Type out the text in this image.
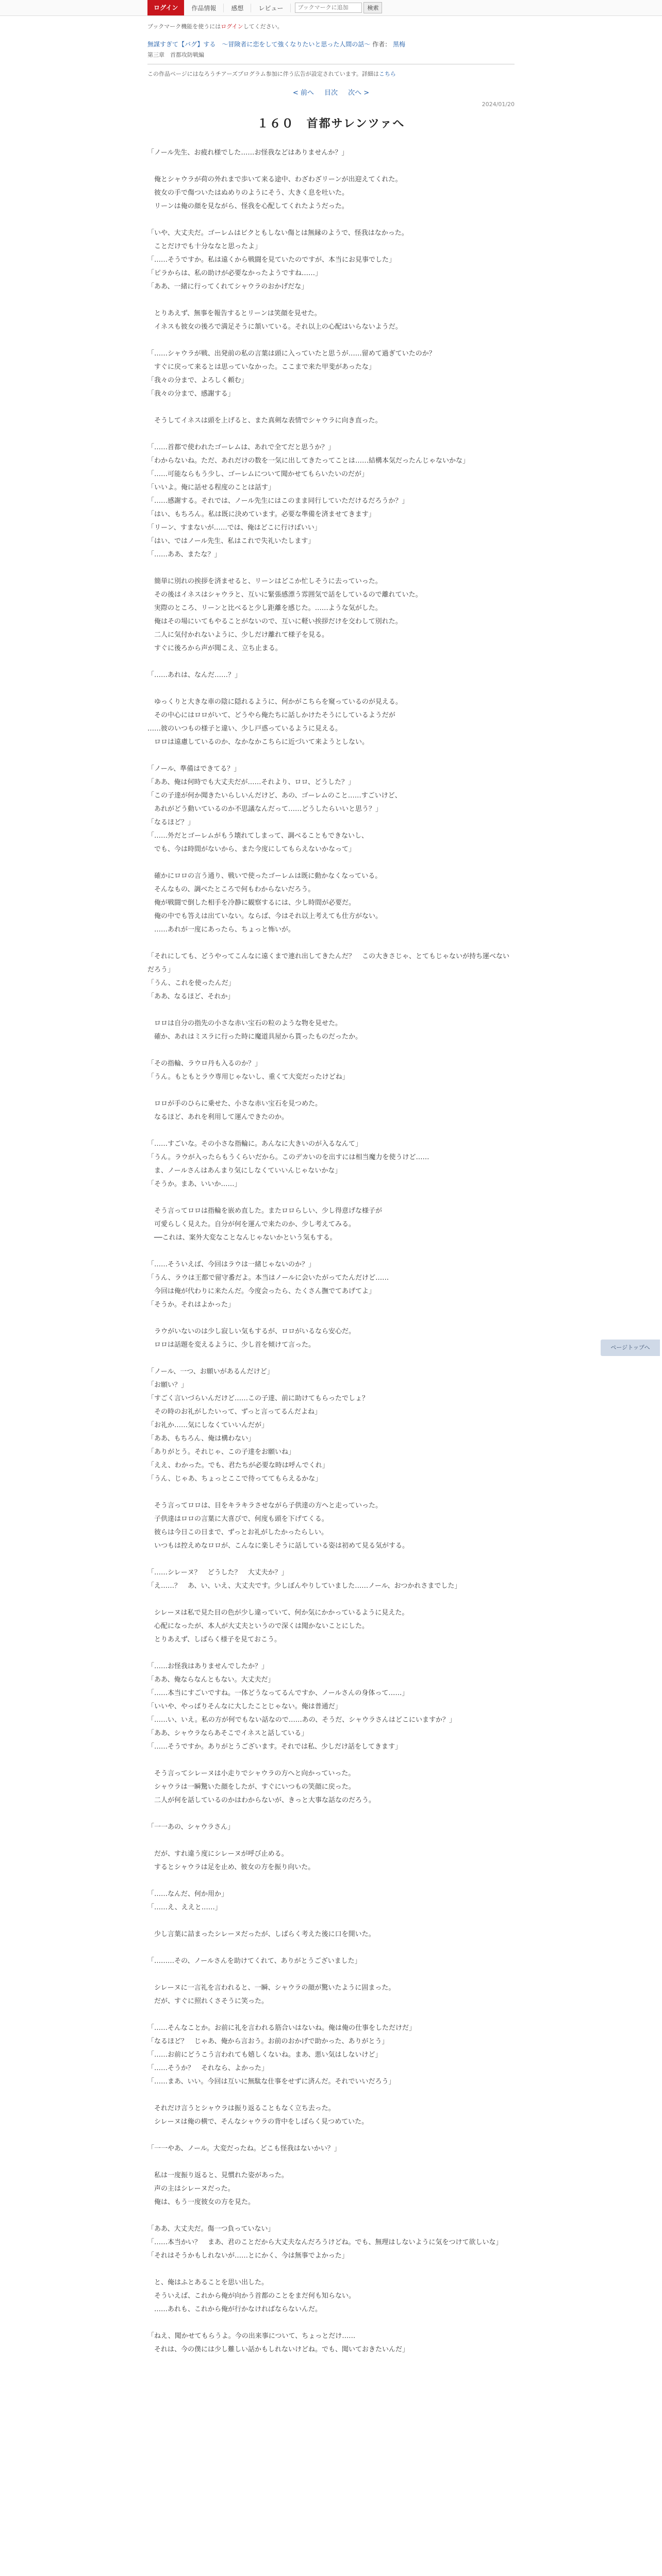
ログイン	作品情報	感想	レビュー
ブックマークに追加	検索
ブックマーク機能を使うにはログインしてください。
無謀すぎて【バグ】する　～冒険者に恋をして強くなりたいと思った人間の話～ 作者： 黒梅
第三章　首都攻防戦編
この作品ページにはなろうチアーズプログラム参加に伴う広告が設定されています。詳細はこちら
< 前へ 目次 次へ >
2024/01/20
１６０　首都サレンツァへ

「ノール先生、お疲れ様でした……お怪我などはありませんか？」

　俺とシャウラが荷の外れまで歩いて来る途中、わざわざリーンが出迎えてくれた。

　彼女の手で傷ついたはぬめりのようにそう、大きく息を吐いた。

　リーンは俺の顔を見ながら、怪我を心配してくれたようだった。

「いや、大丈夫だ。ゴーレムはビクともしない傷とは無縁のようで、怪我はなかった。

　ことだけでも十分ななと思ったよ」

「……そうですか。私は遠くから戦闘を見ていたのですが、本当にお見事でした」

「ピラからは、私の助けが必要なかったようですね……」

「ああ、一緒に行ってくれてシャウラのおかげだな」

　とりあえず、無事を報告するとリーンは笑顔を見せた。

　イネスも彼女の後ろで満足そうに頷いている。それ以上の心配はいらないようだ。

「……シャウラが戦、出発前の私の言葉は頭に入っていたと思うが……留めて過ぎていたのか？

　すぐに戻って来るとは思っていなかった。ここまで来た甲斐があったな」

「我々の分まで、よろしく頼む」

「我々の分まで、感謝する」

　そうしてイネスは頭を上げると、また真剣な表情でシャウラに向き直った。

「……首都で使われたゴーレムは、あれで全てだと思うか？」

「わからないね。ただ、あれだけの数を一気に出してきたってことは……結構本気だったんじゃないかな」

「……可能ならもう少し、ゴーレムについて聞かせてもらいたいのだが」

「いいよ。俺に話せる程度のことは話す」

「……感謝する。それでは、ノール先生にはこのまま同行していただけるだろうか？」

「はい、もちろん。私は既に決めています。必要な準備を済ませてきます」

「リーン、すまないが……では、俺はどこに行けばいい」

「はい、ではノール先生、私はこれで失礼いたします」

「……ああ、またな？」

　簡単に別れの挨拶を済ませると、リーンはどこか忙しそうに去っていった。

　その後はイネスはシャウラと、互いに緊張感漂う雰囲気で話をしているので離れていた。

　実際のところ、リーンと比べると少し距離を感じた。……ような気がした。

　俺はその場にいてもやることがないので、互いに軽い挨拶だけを交わして別れた。

　二人に気付かれないように、少しだけ離れて様子を見る。

　すぐに後ろから声が聞こえ、立ち止まる。

「……あれは、なんだ……？」

　ゆっくりと大きな車の陰に隠れるように、何かがこちらを窺っているのが見える。

　その中心にはロロがいて、どうやら俺たちに話しかけたそうにしているようだが

……彼のいつもの様子と違い、少し戸惑っているように見える。

　ロロは遠慮しているのか、なかなかこちらに近づいて来ようとしない。

「ノール、準備はできてる？」

「ああ、俺は何時でも大丈夫だが……それより、ロロ、どうした？」

「この子達が何か聞きたいらしいんだけど、あの、ゴーレムのこと……すごいけど、

　あれがどう動いているのか不思議なんだって……どうしたらいいと思う？」

「なるほど？」

「……外だとゴーレムがもう壊れてしまって、調べることもできないし、

　でも、今は時間がないから、また今度にしてもらえないかなって」

　確かにロロの言う通り、戦いで使ったゴーレムは既に動かなくなっている。

　そんなもの、調べたところで何もわからないだろう。

　俺が戦闘で倒した相手を冷静に観察するには、少し時間が必要だ。

　俺の中でも答えは出ていない。ならば、今はそれ以上考えても仕方がない。

　……あれが一度にあったら、ちょっと怖いが。

「それにしても、どうやってこんなに遠くまで連れ出してきたんだ？　この大きさじゃ、とてもじゃないが持ち運べないだろう」

「うん、これを使ったんだ」

「ああ、なるほど、それか」

　ロロは自分の指先の小さな赤い宝石の粒のような物を見せた。

　確か、あれはミスラに行った時に魔道具屋から貰ったものだったか。

「その指輪、ラウロ丹も入るのか？」

「うん。もともとラウ専用じゃないし、重くて大変だったけどね」

　ロロが手のひらに乗せた、小さな赤い宝石を見つめた。

　なるほど、あれを利用して運んできたのか。

「……すごいな。その小さな指輪に。あんなに大きいのが入るなんて」

「うん。ラウが入ったらもうくらいだから。このデカいのを出すには相当魔力を使うけど……

　ま、ノールさんはあんまり気にしなくていいんじゃないかな」

「そうか。まあ、いいか……」

　そう言ってロロは指輪を嵌め直した。またロロらしい、少し得意げな様子が

　可愛らしく見えた。自分が何を運んで来たのか、少し考えてみる。

　──これは、案外大変なことなんじゃないかという気もする。

「……そういえば、今回はラウは一緒じゃないのか？」

「うん、ラウは王都で留守番だよ。本当はノールに会いたがってたんだけど……

　今回は俺が代わりに来たんだ。今度会ったら、たくさん撫でてあげてよ」

「そうか。それはよかった」

　ラウがいないのは少し寂しい気もするが、ロロがいるなら安心だ。

　ロロは話題を変えるように、少し首を傾けて言った。

「ノール、一つ、お願いがあるんだけど」

「お願い？」

「すごく言いづらいんだけど……この子達、前に助けてもらったでしょ？

　その時のお礼がしたいって、ずっと言ってるんだよね」

「お礼か……気にしなくていいんだが」

「ああ、もちろん、俺は構わない」

「ありがとう。それじゃ、この子達をお願いね」

「ええ、わかった。でも、君たちが必要な時は呼んでくれ」

「うん、じゃあ、ちょっとここで待っててもらえるかな」

　そう言ってロロは、目をキラキラさせながら子供達の方へと走っていった。

　子供達はロロの言葉に大喜びで、何度も頭を下げてくる。

　彼らは今日この日まで、ずっとお礼がしたかったらしい。

　いつもは控えめなロロが、こんなに楽しそうに話している姿は初めて見る気がする。

「……シレーヌ？　どうした？　大丈夫か？」

「え……？　あ、い、いえ、大丈夫です。少しぼんやりしていました……ノール、おつかれさまでした」

　シレーヌは私で見た目の色が少し違っていて、何か気にかかっているように見えた。

　心配になったが、本人が大丈夫というので深くは聞かないことにした。

　とりあえず、しばらく様子を見ておこう。

「……お怪我はありませんでしたか？」

「ああ、俺ならなんともない。大丈夫だ」

「……本当にすごいですね。一体どうなってるんですか、ノールさんの身体って……」

「いいや、やっぱりそんなに大したことじゃない。俺は普通だ」

「……い、いえ。私の方が何でもない話なので……あの、そうだ、シャウラさんはどこにいますか？」

「ああ、シャウラならあそこでイネスと話している」

「……そうですか。ありがとうございます。それでは私、少しだけ話をしてきます」

　そう言ってシレーヌは小走りでシャウラの方へと向かっていった。

　シャウラは一瞬驚いた顔をしたが、すぐにいつもの笑顔に戻った。

　二人が何を話しているのかはわからないが、きっと大事な話なのだろう。

「一一あの、シャウラさん」

　だが、すれ違う度にシレーヌが呼び止める。

　するとシャウラは足を止め、彼女の方を振り向いた。

「……なんだ、何か用か」

「……え、ええと……」

　少し言葉に詰まったシレーヌだったが、しばらく考えた後に口を開いた。

「………その、ノールさんを助けてくれて、ありがとうございました」

　シレーヌに一言礼を言われると、一瞬、シャウラの顔が驚いたように固まった。

　だが、すぐに照れくさそうに笑った。

「……そんなことか。お前に礼を言われる筋合いはないね。俺は俺の仕事をしただけだ」

「なるほど？　じゃあ、俺から言おう。お前のおかげで助かった、ありがとう」

「……お前にどうこう言われても嬉しくないね。まあ、悪い気はしないけど」

「……そうか？　それなら、よかった」

「……まあ、いい。今回は互いに無駄な仕事をせずに済んだ。それでいいだろう」

　それだけ言うとシャウラは振り返ることもなく立ち去った。

　シレーヌは俺の横で、そんなシャウラの背中をしばらく見つめていた。

「一一やあ、ノール。大変だったね。どこも怪我はないかい？」

　私は一度振り返ると、見慣れた姿があった。

　声の主はシレーヌだった。

　俺は、もう一度彼女の方を見た。

「ああ、大丈夫だ。傷一つ負っていない」

「……本当かい？　まあ、君のことだから大丈夫なんだろうけどね。でも、無理はしないように気をつけて欲しいな」

「それはそうかもしれないが……とにかく、今は無事でよかった」

　と、俺はふとあることを思い出した。

　そういえば、これから俺が向かう首都のことをまだ何も知らない。

　……あれも、これから俺が行かなければならないんだ。

「ねえ、聞かせてもらうよ。今の出来事について、ちょっとだけ……

　それは、今の僕には少し難しい話かもしれないけどね。でも、聞いておきたいんだ」

ページトップへ
